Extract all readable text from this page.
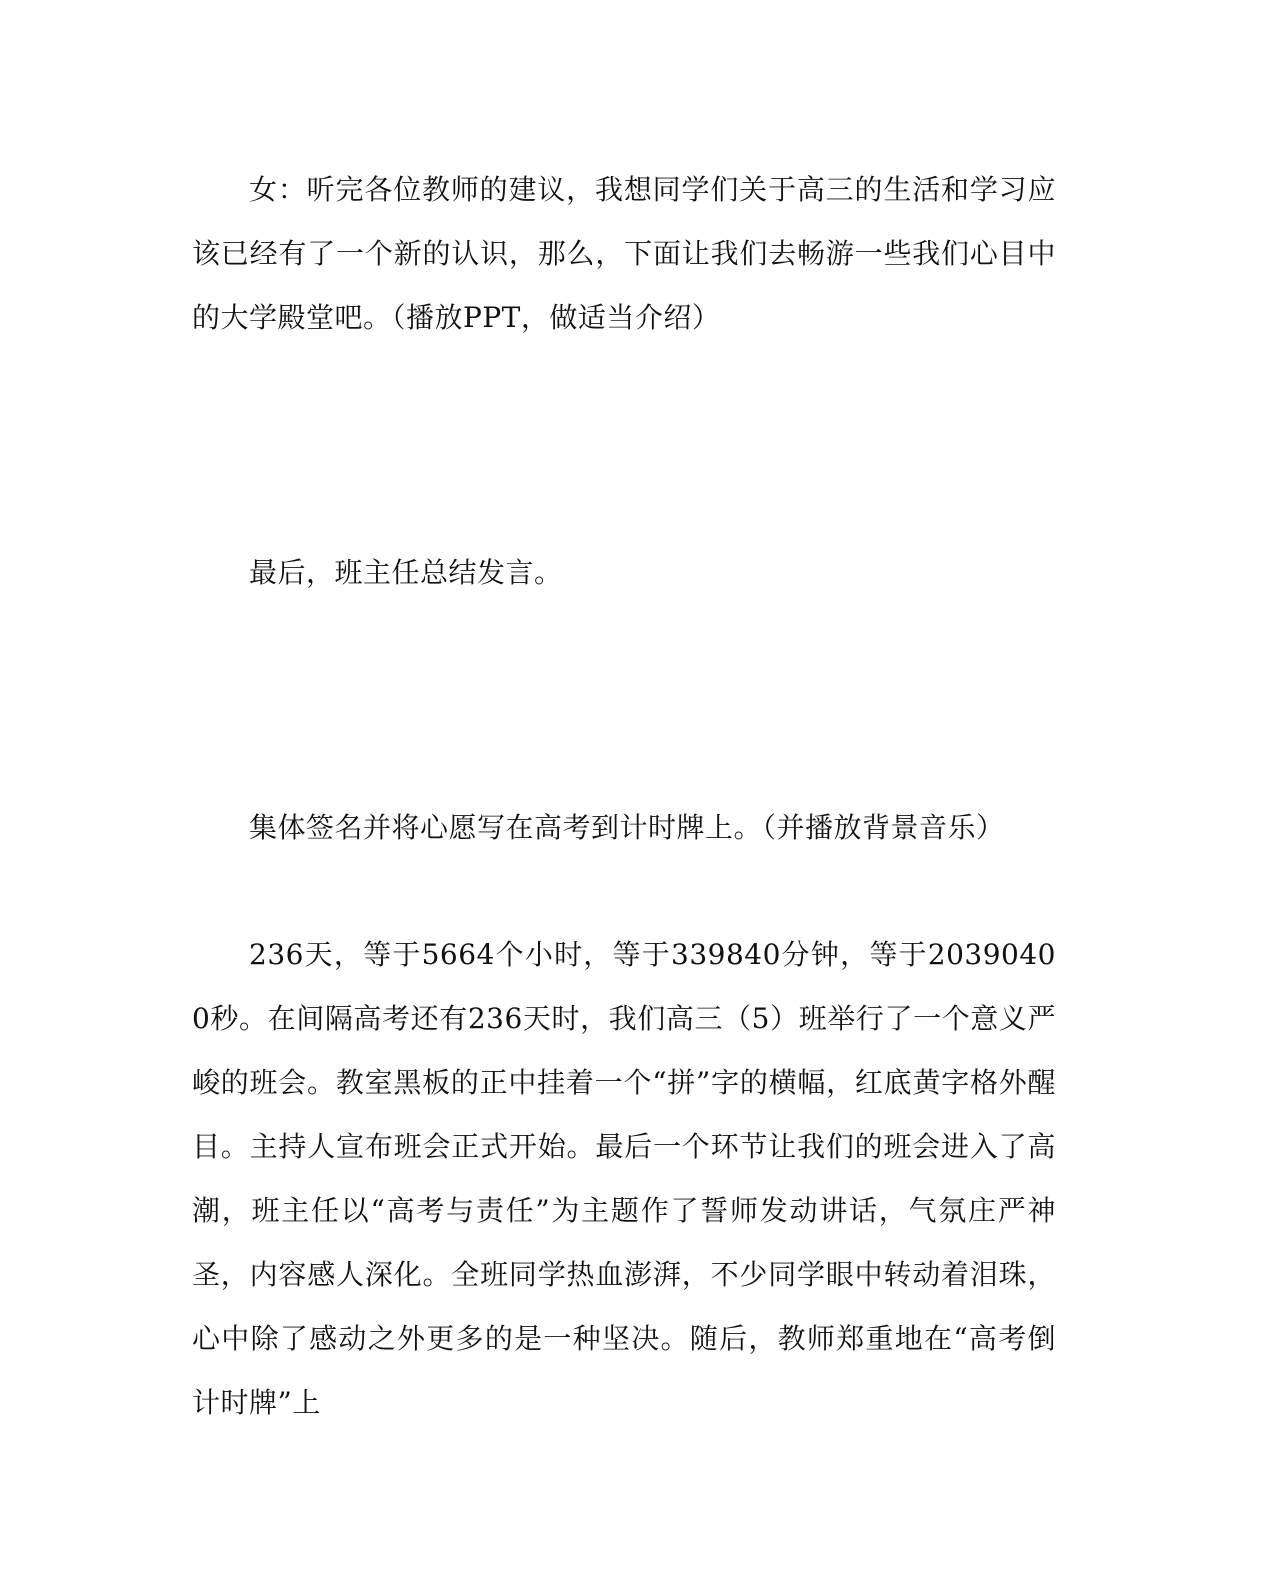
女：听完各位教师的建议，我想同学们关于高三的生活和学习应该已经有了一个新的认识，那么，下面让我们去畅游一些我们心目中的大学殿堂吧。（播放PPT，做适当介绍）

最后，班主任总结发言。

集体签名并将心愿写在高考到计时牌上。（并播放背景音乐）

236天，等于5664个小时，等于339840分钟，等于20390400秒。在间隔高考还有236天时，我们高三（5）班举行了一个意义严峻的班会。教室黑板的正中挂着一个“拼”字的横幅，红底黄字格外醒目。主持人宣布班会正式开始。最后一个环节让我们的班会进入了高潮，班主任以“高考与责任”为主题作了誓师发动讲话，气氛庄严神圣，内容感人深化。全班同学热血澎湃，不少同学眼中转动着泪珠，心中除了感动之外更多的是一种坚决。随后，教师郑重地在“高考倒计时牌”上
